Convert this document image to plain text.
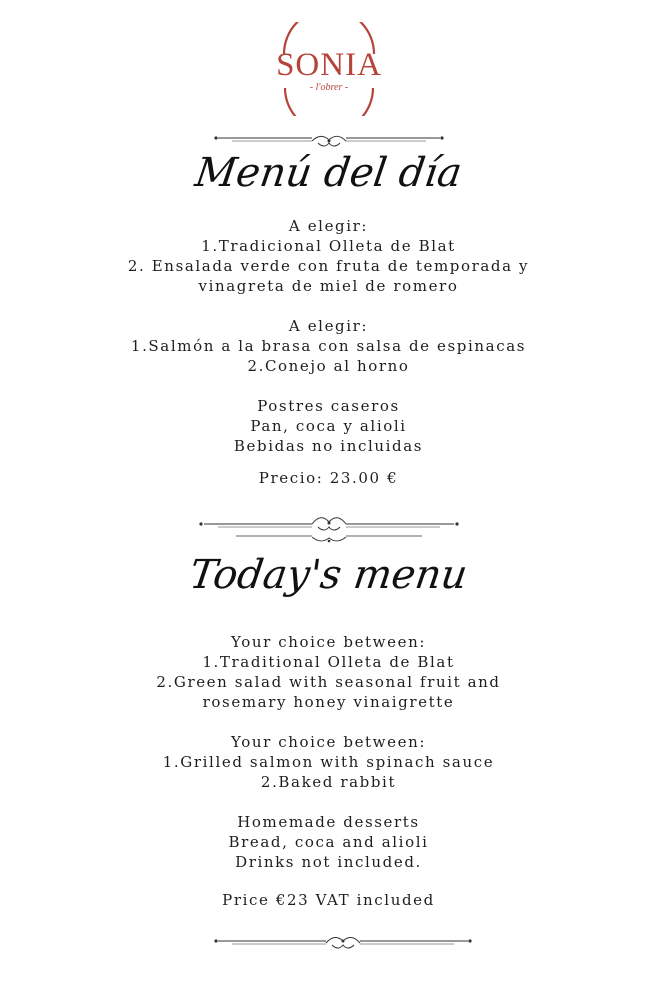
SONIA
- l'obrer -
Menú del día

A elegir:

1.Tradicional Olleta de Blat

2. Ensalada verde con fruta de temporada y

vinagreta de miel de romero

A elegir:

1.Salmón a la brasa con salsa de espinacas

2.Conejo al horno

Postres caseros

Pan, coca y alioli

Bebidas no incluidas

Precio: 23.00 €

Today's menu

Your choice between:

1.Traditional Olleta de Blat

2.Green salad with seasonal fruit and

rosemary honey vinaigrette

Your choice between:

1.Grilled salmon with spinach sauce

2.Baked rabbit

Homemade desserts

Bread, coca and alioli

Drinks not included.

Price €23 VAT included
